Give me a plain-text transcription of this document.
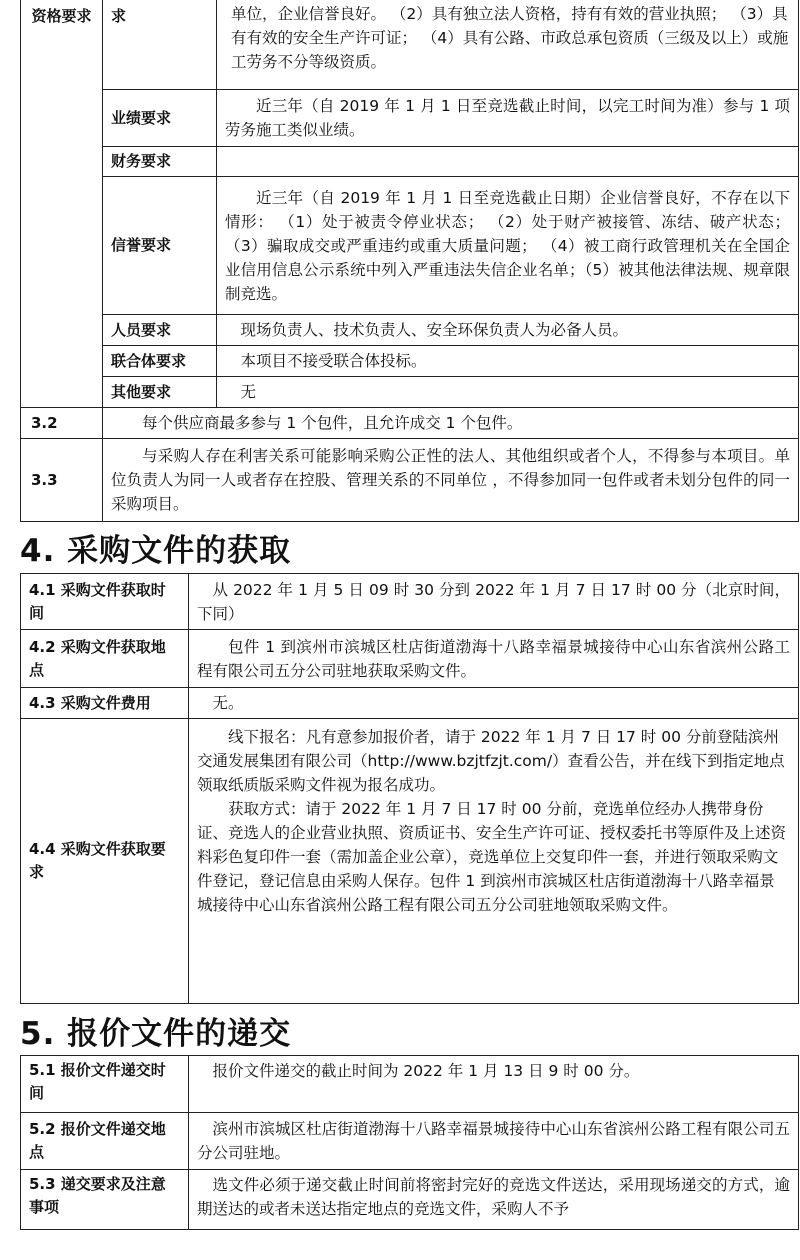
资格要求	求	单位，企业信誉良好。 （2）具有独立法人资格，持有有效的营业执照； （3）具有有效的安全生产许可证； （4）具有公路、市政总承包资质（三级及以上）或施工劳务不分等级资质。
	业绩要求	近三年（自 2019 年 1 月 1 日至竞选截止时间，以完工时间为准）参与 1 项劳务施工类似业绩。
	财务要求	
	信誉要求	近三年（自 2019 年 1 月 1 日至竞选截止日期）企业信誉良好，不存在以下情形： （1）处于被责令停业状态； （2）处于财产被接管、冻结、破产状态； （3）骗取成交或严重违约或重大质量问题； （4）被工商行政管理机关在全国企业信用信息公示系统中列入严重违法失信企业名单；（5）被其他法律法规、规章限制竞选。
	人员要求	现场负责人、技术负责人、安全环保负责人为必备人员。
	联合体要求	本项目不接受联合体投标。
	其他要求	无
3.2	每个供应商最多参与 1 个包件，且允许成交 1 个包件。	
3.3	与采购人存在利害关系可能影响采购公正性的法人、其他组织或者个人，不得参与本项目。单位负责人为同一人或者存在控股、管理关系的不同单位 ，不得参加同一包件或者未划分包件的同一采购项目。	
4. 采购文件的获取
4.1 采购文件获取时间	从 2022 年 1 月 5 日 09 时 30 分到 2022 年 1 月 7 日 17 时 00 分（北京时间，下同）
4.2 采购文件获取地点	包件 1 到滨州市滨城区杜店街道渤海十八路幸福景城接待中心山东省滨州公路工程有限公司五分公司驻地获取采购文件。
4.3 采购文件费用	无。
4.4 采购文件获取要求	线下报名：凡有意参加报价者，请于 2022 年 1 月 7 日 17 时 00 分前登陆滨州交通发展集团有限公司（http://www.bzjtfzjt.com/）查看公告，并在线下到指定地点领取纸质版采购文件视为报名成功。

获取方式：请于 2022 年 1 月 7 日 17 时 00 分前，竞选单位经办人携带身份证、竞选人的企业营业执照、资质证书、安全生产许可证、授权委托书等原件及上述资料彩色复印件一套（需加盖企业公章），竞选单位上交复印件一套，并进行领取采购文件登记，登记信息由采购人保存。包件 1 到滨州市滨城区杜店街道渤海十八路幸福景城接待中心山东省滨州公路工程有限公司五分公司驻地领取采购文件。

5. 报价文件的递交
5.1 报价文件递交时间	报价文件递交的截止时间为 2022 年 1 月 13 日 9 时 00 分。
5.2 报价文件递交地点	滨州市滨城区杜店街道渤海十八路幸福景城接待中心山东省滨州公路工程有限公司五分公司驻地。
5.3 递交要求及注意事项	选文件必须于递交截止时间前将密封完好的竞选文件送达，采用现场递交的方式，逾期送达的或者未送达指定地点的竞选文件，采购人不予
